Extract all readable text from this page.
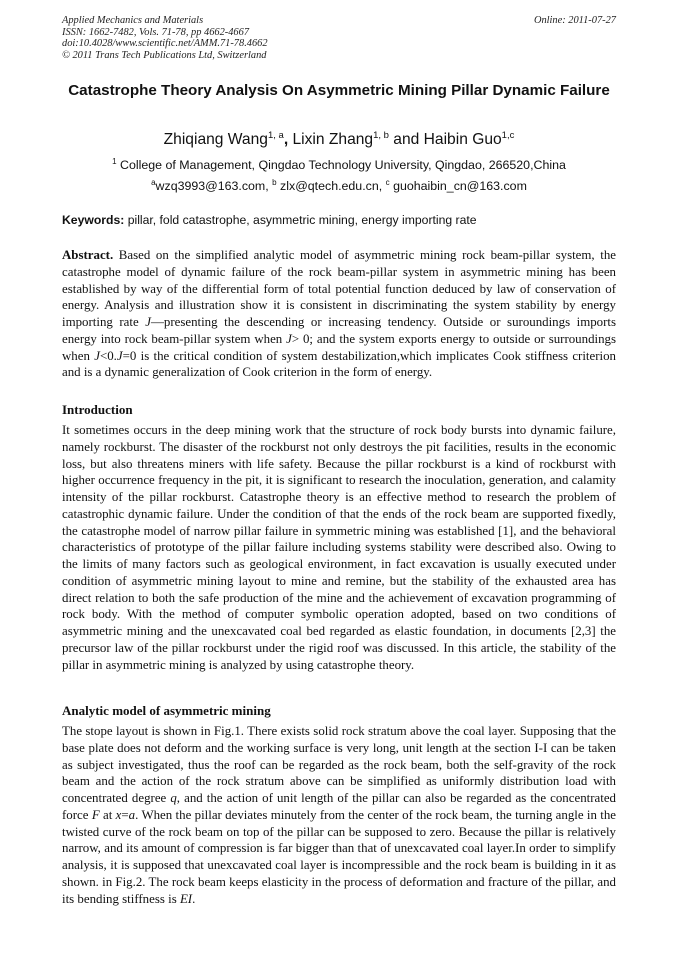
Applied Mechanics and Materials
ISSN: 1662-7482, Vols. 71-78, pp 4662-4667
doi:10.4028/www.scientific.net/AMM.71-78.4662
© 2011 Trans Tech Publications Ltd, Switzerland
Online: 2011-07-27
Catastrophe Theory Analysis On Asymmetric Mining Pillar Dynamic Failure
Zhiqiang Wang$^{1, a}$, Lixin Zhang$^{1, b}$ and Haibin Guo$^{1,c}$
$^1$ College of Management, Qingdao Technology University, Qingdao, 266520,China
$^a$wzq3993@163.com, $^b$ zlx@qtech.edu.cn, $^c$ guohaibin_cn@163.com
Keywords: pillar, fold catastrophe, asymmetric mining, energy importing rate
Abstract. Based on the simplified analytic model of asymmetric mining rock beam-pillar system, the catastrophe model of dynamic failure of the rock beam-pillar system in asymmetric mining has been established by way of the differential form of total potential function deduced by law of conservation of energy. Analysis and illustration show it is consistent in discriminating the system stability by energy importing rate J—presenting the descending or increasing tendency. Outside or suroundings imports energy into rock beam-pillar system when J> 0; and the system exports energy to outside or surroundings when J<0.J=0 is the critical condition of system destabilization,which implicates Cook stiffness criterion and is a dynamic generalization of Cook criterion in the form of energy.
Introduction
It sometimes occurs in the deep mining work that the structure of rock body bursts into dynamic failure, namely rockburst. The disaster of the rockburst not only destroys the pit facilities, results in the economic loss, but also threatens miners with life safety. Because the pillar rockburst is a kind of rockburst with higher occurrence frequency in the pit, it is significant to research the inoculation, generation, and calamity intensity of the pillar rockburst. Catastrophe theory is an effective method to research the problem of catastrophic dynamic failure. Under the condition of that the ends of the rock beam are supported fixedly, the catastrophe model of narrow pillar failure in symmetric mining was established [1], and the behavioral characteristics of prototype of the pillar failure including systems stability were described also. Owing to the limits of many factors such as geological environment, in fact excavation is usually executed under condition of asymmetric mining layout to mine and remine, but the stability of the exhausted area has direct relation to both the safe production of the mine and the achievement of excavation programming of rock body. With the method of computer symbolic operation adopted, based on two conditions of asymmetric mining and the unexcavated coal bed regarded as elastic foundation, in documents [2,3] the precursor law of the pillar rockburst under the rigid roof was discussed. In this article, the stability of the pillar in asymmetric mining is analyzed by using catastrophe theory.
Analytic model of asymmetric mining
The stope layout is shown in Fig.1. There exists solid rock stratum above the coal layer. Supposing that the base plate does not deform and the working surface is very long, unit length at the section I-I can be taken as subject investigated, thus the roof can be regarded as the rock beam, both the self-gravity of the rock beam and the action of the rock stratum above can be simplified as uniformly distribution load with concentrated degree q, and the action of unit length of the pillar can also be regarded as the concentrated force F at x=a. When the pillar deviates minutely from the center of the rock beam, the turning angle in the twisted curve of the rock beam on top of the pillar can be supposed to zero. Because the pillar is relatively narrow, and its amount of compression is far bigger than that of unexcavated coal layer.In order to simplify analysis, it is supposed that unexcavated coal layer is incompressible and the rock beam is building in it as shown. in Fig.2. The rock beam keeps elasticity in the process of deformation and fracture of the pillar, and its bending stiffness is EI.
